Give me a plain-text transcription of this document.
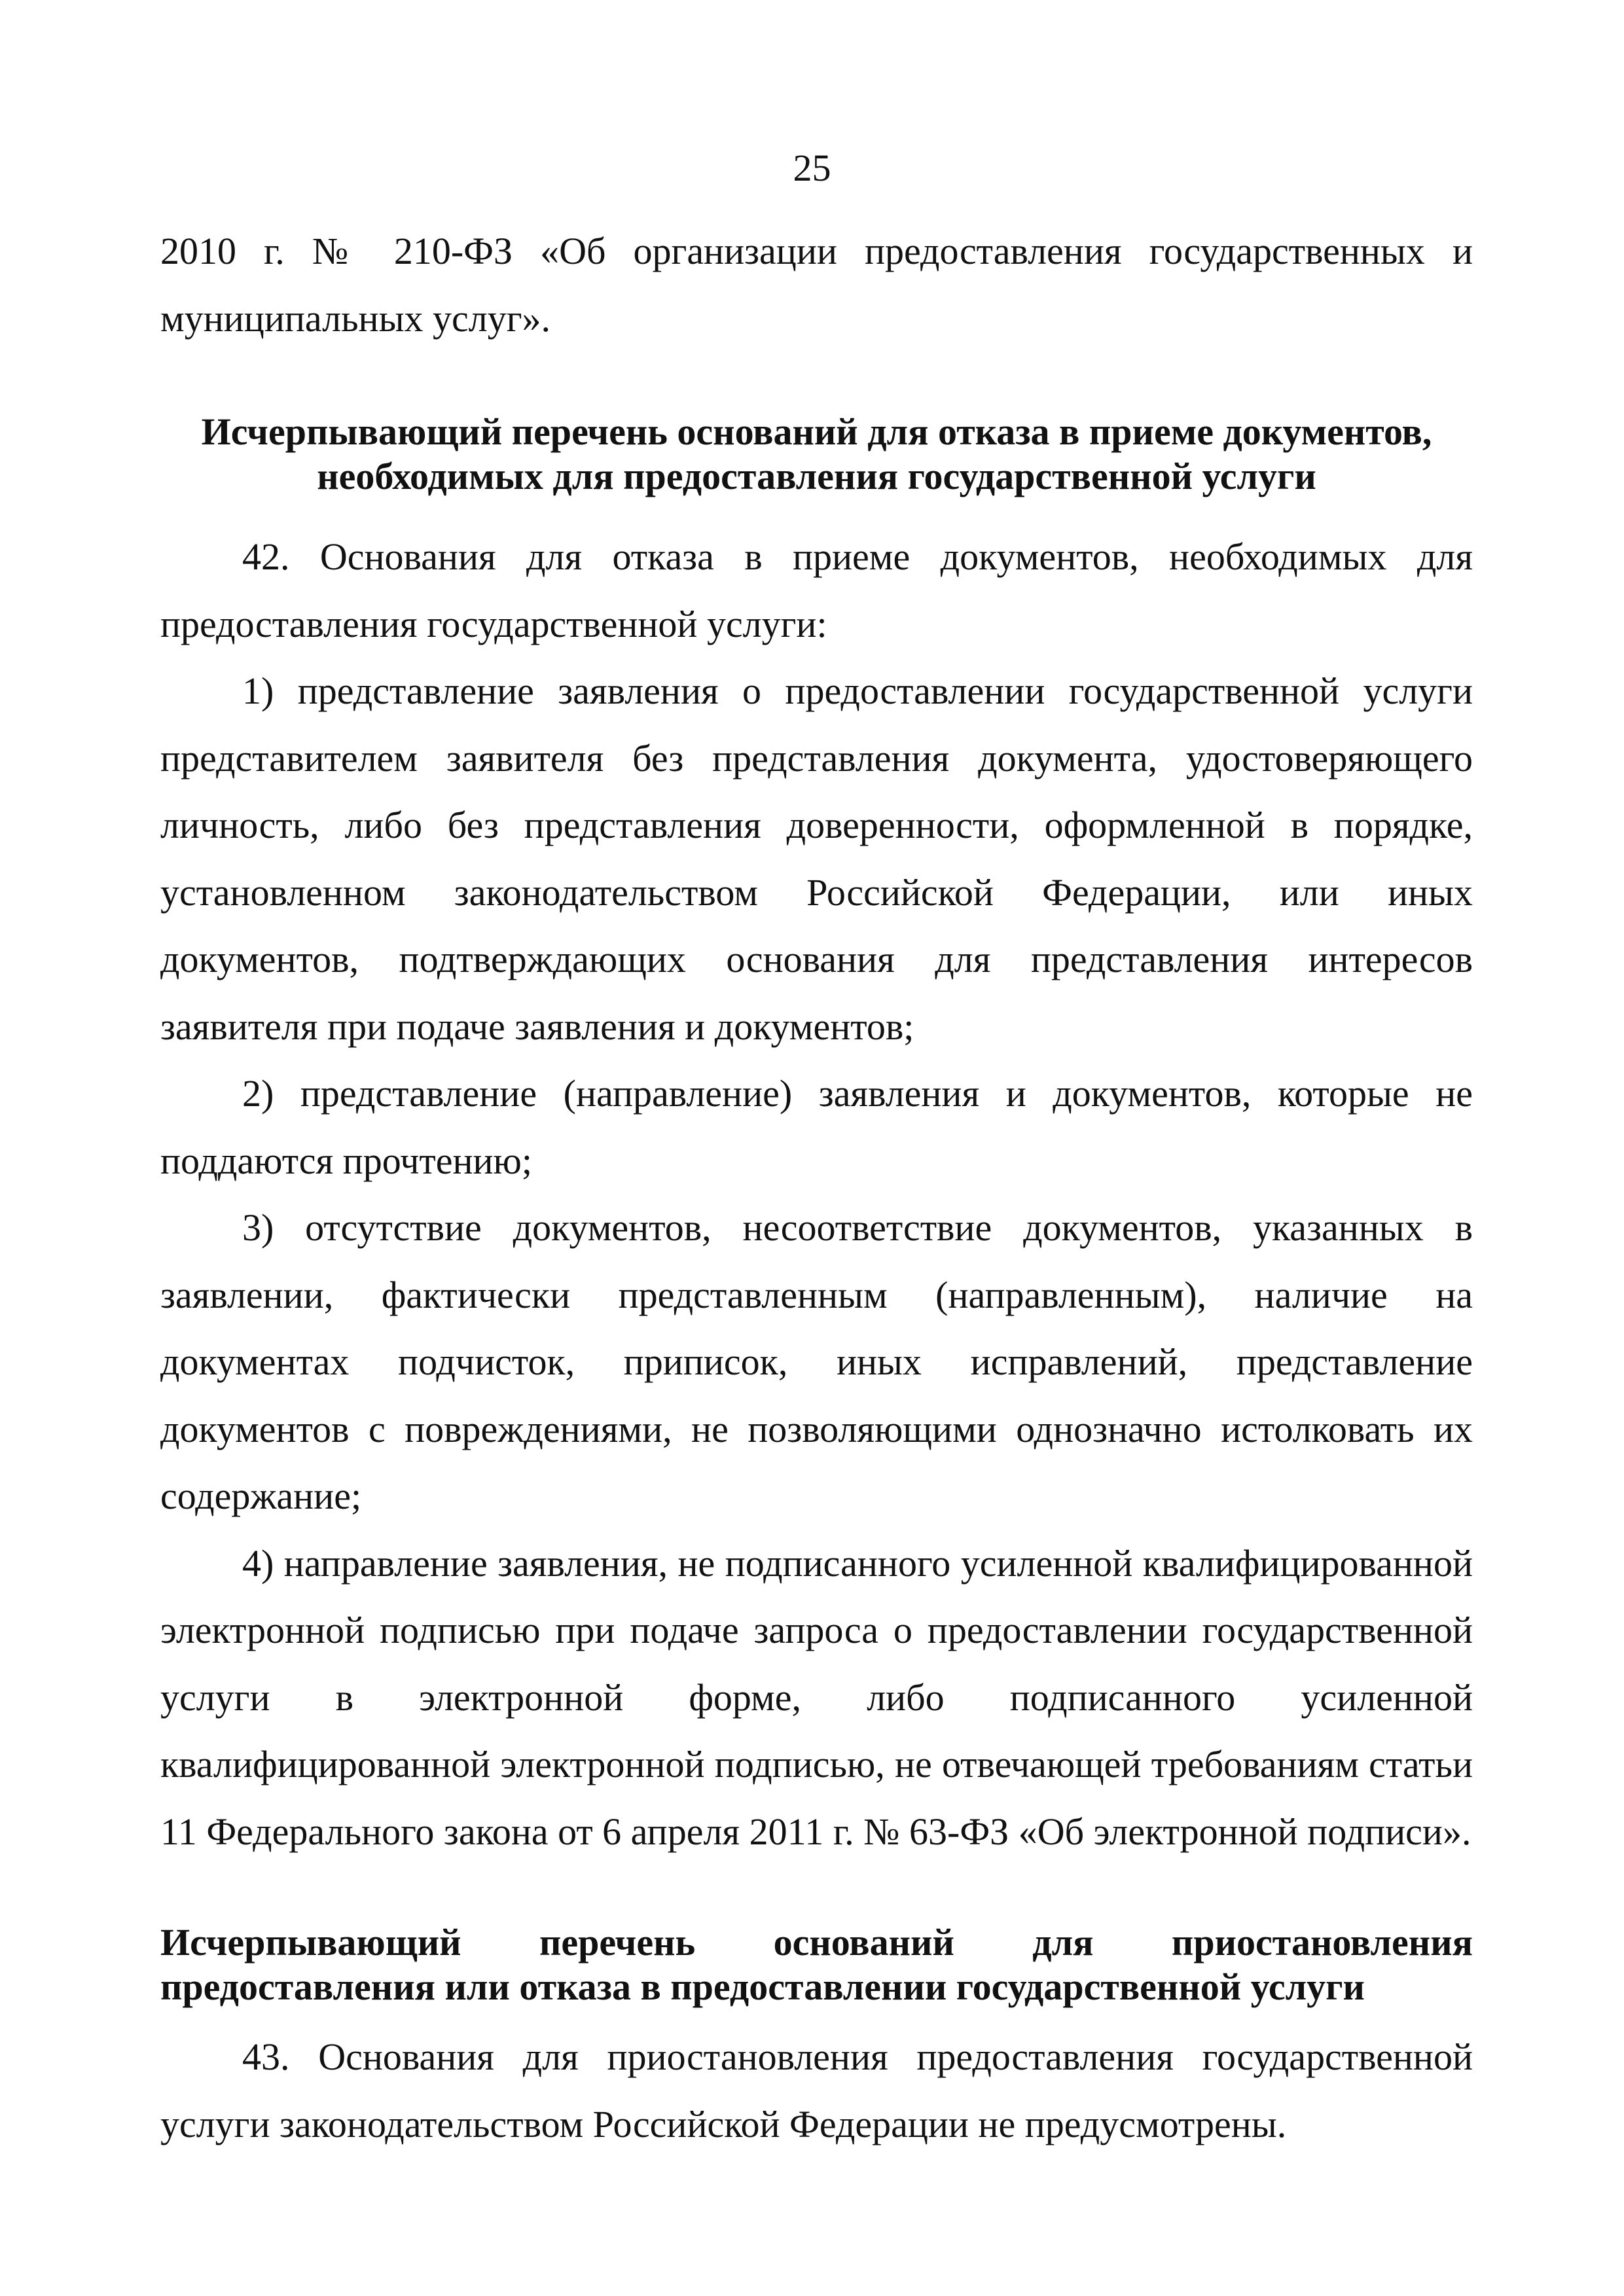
25

2010 г. № 210-ФЗ «Об организации предоставления государственных и муниципальных услуг».

Исчерпывающий перечень оснований для отказа в приеме документов, необходимых для предоставления государственной услуги

42. Основания для отказа в приеме документов, необходимых для предоставления государственной услуги:

1) представление заявления о предоставлении государственной услуги представителем заявителя без представления документа, удостоверяющего личность, либо без представления доверенности, оформленной в порядке, установленном законодательством Российской Федерации, или иных документов, подтверждающих основания для представления интересов заявителя при подаче заявления и документов;

2) представление (направление) заявления и документов, которые не поддаются прочтению;

3) отсутствие документов, несоответствие документов, указанных в заявлении, фактически представленным (направленным), наличие на документах подчисток, приписок, иных исправлений, представление документов с повреждениями, не позволяющими однозначно истолковать их содержание;

4) направление заявления, не подписанного усиленной квалифицированной электронной подписью при подаче запроса о предоставлении государственной услуги в электронной форме, либо подписанного усиленной квалифицированной электронной подписью, не отвечающей требованиям статьи 11 Федерального закона от 6 апреля 2011 г. № 63-ФЗ «Об электронной подписи».

Исчерпывающий перечень оснований для приостановления предоставления или отказа в предоставлении государственной услуги

43. Основания для приостановления предоставления государственной услуги законодательством Российской Федерации не предусмотрены.
